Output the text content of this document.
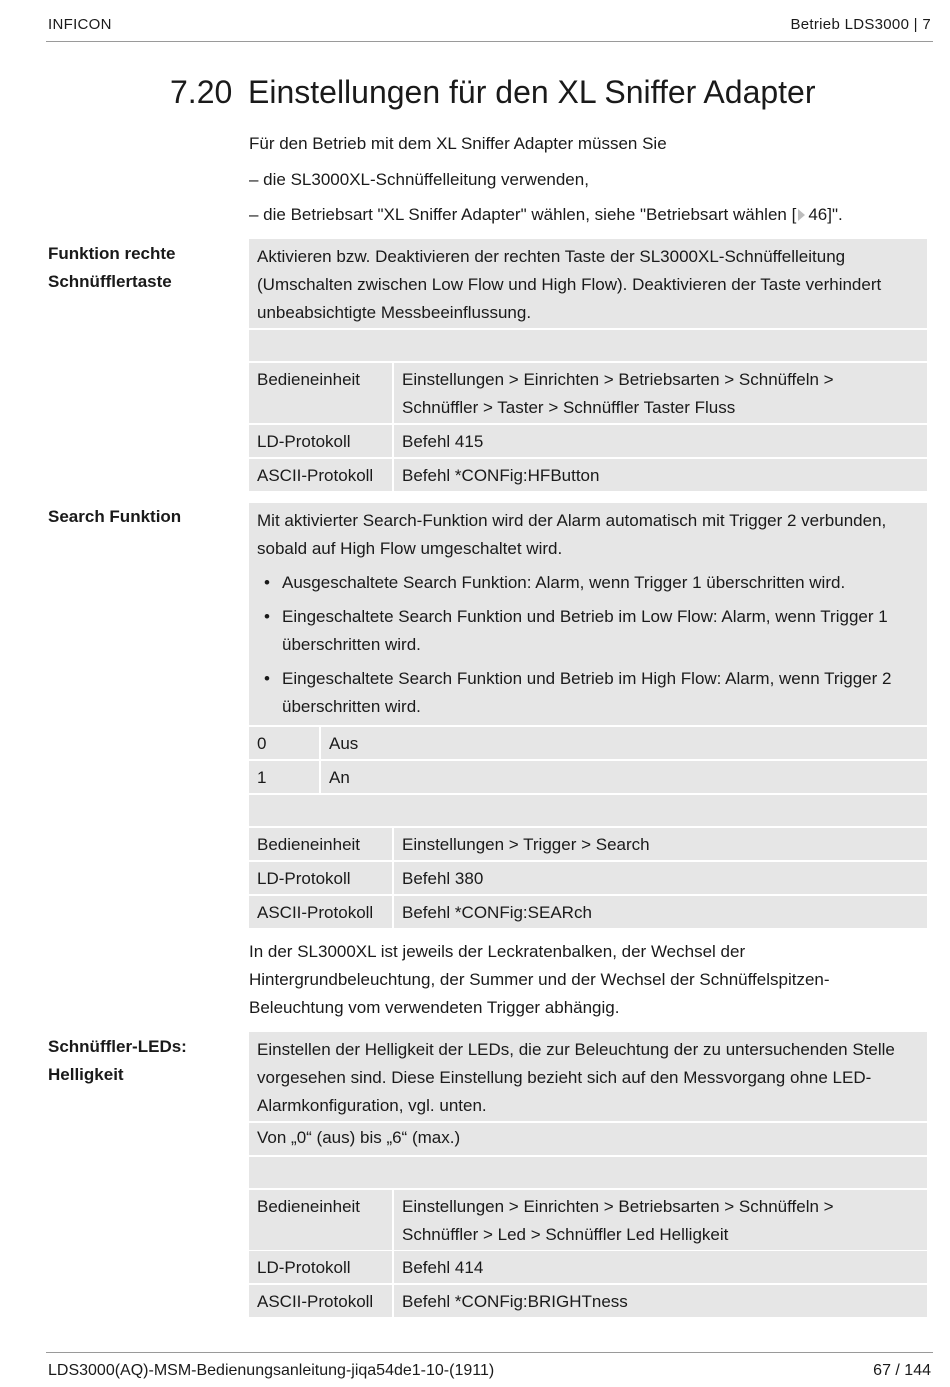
INFICON	Betrieb LDS3000 | 7
7.20 Einstellungen für den XL Sniffer Adapter
Für den Betrieb mit dem XL Sniffer Adapter müssen Sie
– die SL3000XL-Schnüffelleitung verwenden,
– die Betriebsart "XL Sniffer Adapter" wählen, siehe "Betriebsart wählen [ 46]".
Funktion rechte
Schnüfflertaste
Aktivieren bzw. Deaktivieren der rechten Taste der SL3000XL-Schnüffelleitung
(Umschalten zwischen Low Flow und High Flow). Deaktivieren der Taste verhindert
unbeabsichtigte Messbeeinflussung.
Bedieneinheit	Einstellungen > Einrichten > Betriebsarten > Schnüffeln >
Schnüffler > Taster > Schnüffler Taster Fluss
LD-Protokoll	Befehl 415
ASCII-Protokoll	Befehl *CONFig:HFButton
Search Funktion	Mit aktivierter Search-Funktion wird der Alarm automatisch mit Trigger 2 verbunden,
sobald auf High Flow umgeschaltet wird.
• Ausgeschaltete Search Funktion: Alarm, wenn Trigger 1 überschritten wird.
• Eingeschaltete Search Funktion und Betrieb im Low Flow: Alarm, wenn Trigger 1
überschritten wird.
• Eingeschaltete Search Funktion und Betrieb im High Flow: Alarm, wenn Trigger 2
überschritten wird.
0	Aus
1	An
Bedieneinheit	Einstellungen > Trigger > Search
LD-Protokoll	Befehl 380
ASCII-Protokoll	Befehl *CONFig:SEARch
In der SL3000XL ist jeweils der Leckratenbalken, der Wechsel der
Hintergrundbeleuchtung, der Summer und der Wechsel der Schnüffelspitzen-
Beleuchtung vom verwendeten Trigger abhängig.
Schnüffler-LEDs:
Helligkeit
Einstellen der Helligkeit der LEDs, die zur Beleuchtung der zu untersuchenden Stelle
vorgesehen sind. Diese Einstellung bezieht sich auf den Messvorgang ohne LED-
Alarmkonfiguration, vgl. unten.
Von „0“ (aus) bis „6“ (max.)
Bedieneinheit	Einstellungen > Einrichten > Betriebsarten > Schnüffeln >
Schnüffler > Led > Schnüffler Led Helligkeit
LD-Protokoll	Befehl 414
ASCII-Protokoll	Befehl *CONFig:BRIGHTness
LDS3000(AQ)-MSM-Bedienungsanleitung-jiqa54de1-10-(1911)	67 / 144
